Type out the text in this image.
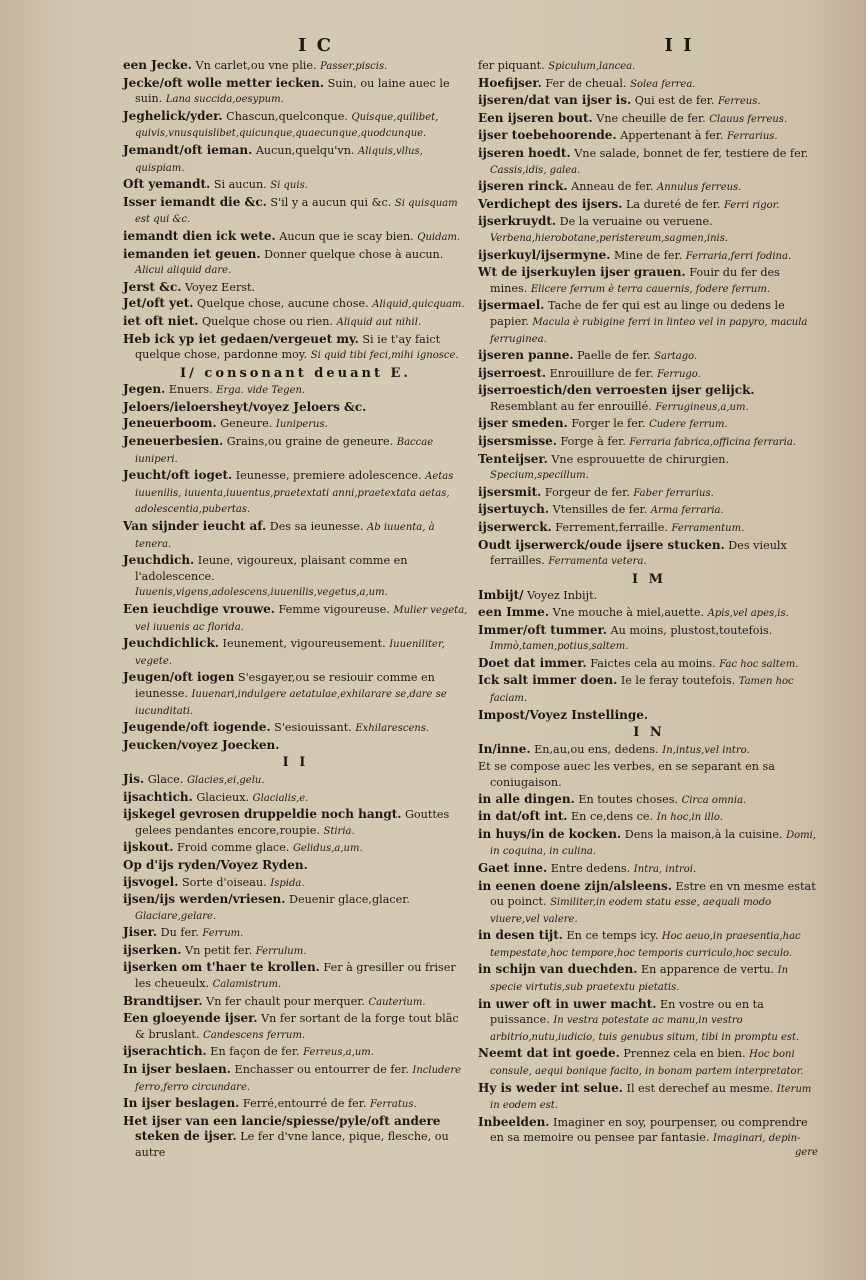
I C
een Jecke. Vn carlet,ou vne plie. Passer,piscis.
Jecke/oft wolle metter iecken. Suin, ou laine auec le suin. Lana succida,oesypum.
Jeghelick/yder. Chascun,quelconque. Quisque,quilibet, quivis,vnusquislibet,quicunque,quaecunque,quodcunque.
Jemandt/oft ieman. Aucun,quelqu'vn. Aliquis,vllus, quispiam.
Oft yemandt. Si aucun. Si quis.
Isser iemandt die &c. S'il y a aucun qui &c. Si quisquam est qui &c.
iemandt dien ick wete. Aucun que ie scay bien. Quidam.
iemanden iet geuen. Donner quelque chose à aucun. Alicui aliquid dare.
Jerst &c. Voyez Eerst.
Jet/oft yet. Quelque chose, aucune chose. Aliquid,quicquam.
iet oft niet. Quelque chose ou rien. Aliquid aut nihil.
Heb ick yp iet gedaen/vergeuet my. Si ie t'ay faict quelque chose, pardonne moy. Si quid tibi feci,mihi ignosce.
I/ consonant deuant E.
Jegen. Enuers. Erga. vide Tegen.
Jeloers/ieloersheyt/voyez Jeloers &c.
Jeneuerboom. Geneure. Iuniperus.
Jeneuerbesien. Grains,ou graine de geneure. Baccae iuniperi.
Jeucht/oft ioget. Ieunesse, premiere adolescence. Aetas iuuenilis, iuuenta,iuuentus,praetextati anni,praetextata aetas, adolescentia,pubertas.
Van sijnder ieucht af. Des sa ieunesse. Ab iuuenta, à tenera.
Jeuchdich. Ieune, vigoureux, plaisant comme en l'adolescence. Iuuenis,vigens,adolescens,iuuenilis,vegetus,a,um.
Een ieuchdige vrouwe. Femme vigoureuse. Mulier vegeta, vel iuuenis ac florida.
Jeuchdichlick. Ieunement, vigoureusement. Iuueniliter, vegete.
Jeugen/oft iogen S'esgayer,ou se resiouir comme en ieunesse. Iuuenari,indulgere aetatulae,exhilarare se,dare se iucunditati.
Jeugende/oft iogende. S'esiouissant. Exhilarescens.
Jeucken/voyez Joecken.
I I
Jis. Glace. Glacies,ei,gelu.
ijsachtich. Glacieux. Glacialis,e.
ijskegel gevrosen druppeldie noch hangt. Gouttes gelees pendantes encore,roupie. Stiria.
ijskout. Froid comme glace. Gelidus,a,um.
Op d'ijs ryden/Voyez Ryden.
ijsvogel. Sorte d'oiseau. Ispida.
ijsen/ijs werden/vriesen. Deuenir glace,glacer. Glaciare,gelare.
Jiser. Du fer. Ferrum.
ijserken. Vn petit fer. Ferrulum.
ijserken om t'haer te krollen. Fer à gresiller ou friser les cheueulx. Calamistrum.
Brandtijser. Vn fer chault pour merquer. Cauterium.
Een gloeyende ijser. Vn fer sortant de la forge tout blãc & bruslant. Candescens ferrum.
ijserachtich. En façon de fer. Ferreus,a,um.
In ijser beslaen. Enchasser ou entourrer de fer. Includere ferro,ferro circundare.
In ijser beslagen. Ferré,entourré de fer. Ferratus.
Het ijser van een lancie/spiesse/pyle/oft andere steken de ijser. Le fer d'vne lance, pique, flesche, ou autre
I I
fer piquant. Spiculum,lancea.
Hoefijser. Fer de cheual. Solea ferrea.
ijseren/dat van ijser is. Qui est de fer. Ferreus.
Een ijseren bout. Vne cheuille de fer. Clauus ferreus.
ijser toebehoorende. Appertenant à fer. Ferrarius.
ijseren hoedt. Vne salade, bonnet de fer, testiere de fer. Cassis,idis, galea.
ijseren rinck. Anneau de fer. Annulus ferreus.
Verdichept des ijsers. La dureté de fer. Ferri rigor.
ijserkruydt. De la veruaine ou veruene. Verbena,hierobotane,peristereum,sagmen,inis.
ijserkuyl/ijsermyne. Mine de fer. Ferraria,ferri fodina.
Wt de ijserkuylen ijser grauen. Fouir du fer des mines. Elicere ferrum è terra cauernis, fodere ferrum.
ijsermael. Tache de fer qui est au linge ou dedens le papier. Macula è rubigine ferri in linteo vel in papyro, macula ferruginea.
ijseren panne. Paelle de fer. Sartago.
ijserroest. Enrouillure de fer. Ferrugo.
ijserroestich/den verroesten ijser gelijck. Resemblant au fer enrouillé. Ferrugineus,a,um.
ijser smeden. Forger le fer. Cudere ferrum.
ijsersmisse. Forge à fer. Ferraria fabrica,officina ferraria.
Tenteijser. Vne esprouuette de chirurgien. Specium,specillum.
ijsersmit. Forgeur de fer. Faber ferrarius.
ijsertuych. Vtensilles de fer. Arma ferraria.
ijserwerck. Ferrement,ferraille. Ferramentum.
Oudt ijserwerck/oude ijsere stucken. Des vieulx ferrailles. Ferramenta vetera.
I M
Imbijt/ Voyez Inbijt.
een Imme. Vne mouche à miel,auette. Apis,vel apes,is.
Immer/oft tummer. Au moins, plustost,toutefois. Immò,tamen,potius,saltem.
Doet dat immer. Faictes cela au moins. Fac hoc saltem.
Ick salt immer doen. Ie le feray toutefois. Tamen hoc faciam.
Impost/Voyez Instellinge.
I N
In/inne. En,au,ou ens, dedens. In,intus,vel intro.
Et se compose auec les verbes, en se separant en sa coniugaison.
in alle dingen. En toutes choses. Circa omnia.
in dat/oft int. En ce,dens ce. In hoc,in illo.
in huys/in de kocken. Dens la maison,à la cuisine. Domi, in coquina, in culina.
Gaet inne. Entre dedens. Intra, introi.
in eenen doene zijn/alsleens. Estre en vn mesme estat ou poinct. Similiter,in eodem statu esse, aequali modo viuere,vel valere.
in desen tijt. En ce temps icy. Hoc aeuo,in praesentia,hac tempestate,hoc tempore,hoc temporis curriculo,hoc seculo.
in schijn van duechden. En apparence de vertu. In specie virtutis,sub praetextu pietatis.
in uwer oft in uwer macht. En vostre ou en ta puissance. In vestra potestate ac manu,in vestro arbitrio,nutu,iudicio, tuis genubus situm, tibi in promptu est.
Neemt dat int goede. Prennez cela en bien. Hoc boni consule, aequi bonique facito, in bonam partem interpretator.
Hy is weder int selue. Il est derechef au mesme. Iterum in eodem est.
Inbeelden. Imaginer en soy, pourpenser, ou comprendre en sa memoire ou pensee par fantasie. Imaginari, depin-
gere
